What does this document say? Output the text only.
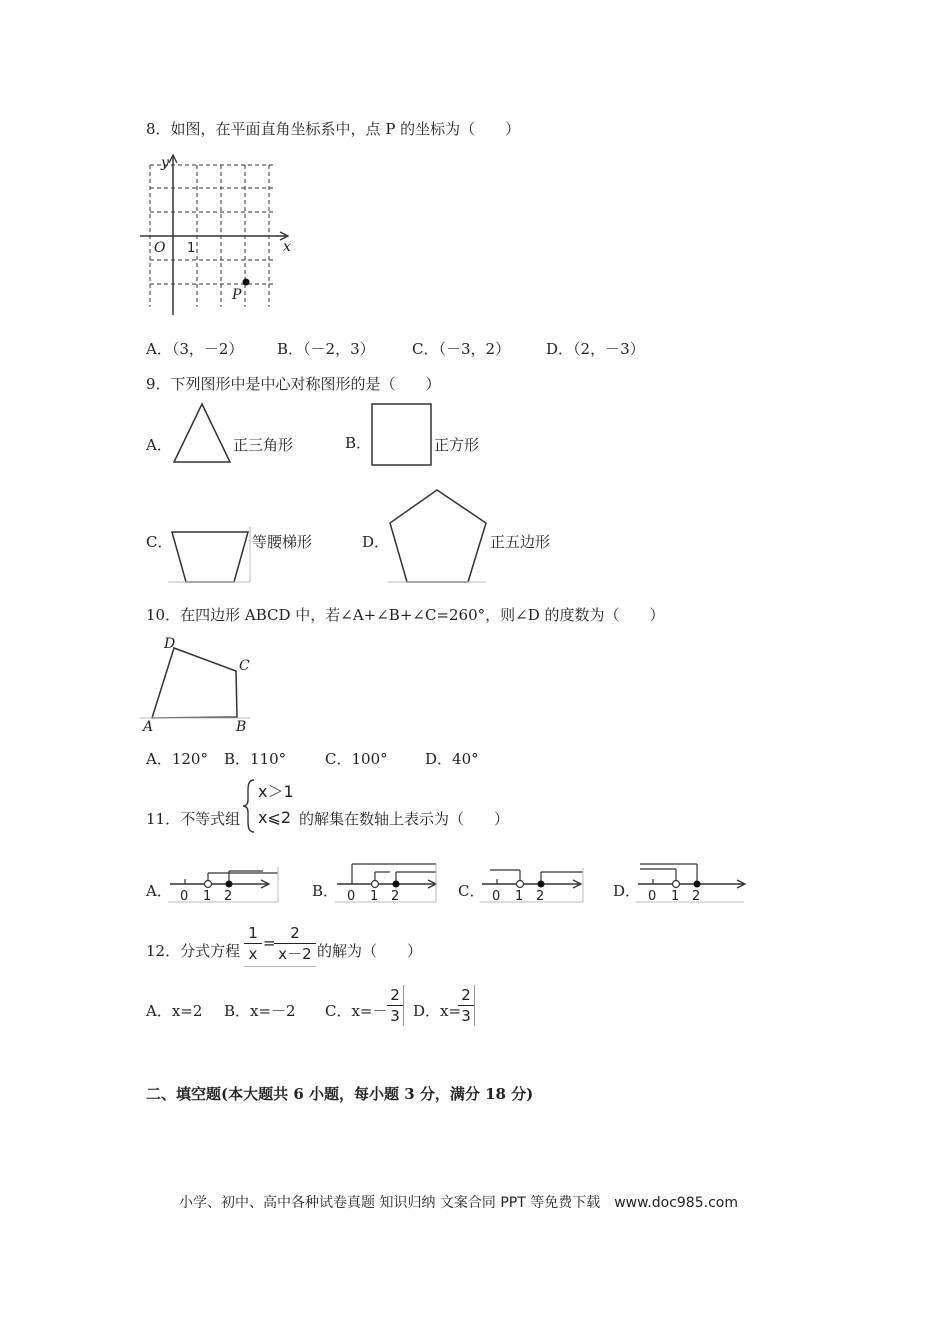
8．如图，在平面直角坐标系中，点 P 的坐标为（　　）
y
x
O 1
P
A．（3，－2） B．（－2，3） C．（－3，2） D．（2，－3）
9．下列图形中是中心对称图形的是（　　）
A．	正三角形	B．	正方形
C．	等腰梯形	D．	正五边形
10．在四边形 ABCD 中，若∠A+∠B+∠C=260°，则∠D 的度数为（　　）
D
C
A	B
A．120° B．110°	C．100° D．40°
11．不等式组
x＞1
x⩽2 的解集在数轴上表示为（　　）
A． 0 1 2	B． 0 1 2	C． 0 1 2	D． 0 1 2
12．分式方程 $\frac{1}{x}$ =
$\frac{2}{x-2}$ 的解为（　　）
A．x=2 B．x=－2 C．$x=- \frac{2}{3}$ D．x=
$\frac{2}{3}$
二、填空题(本大题共 6 小题，每小题 3 分，满分 18 分)
小学、初中、高中各种试卷真题 知识归纳 文案合同 PPT 等免费下载　www.doc985.com
